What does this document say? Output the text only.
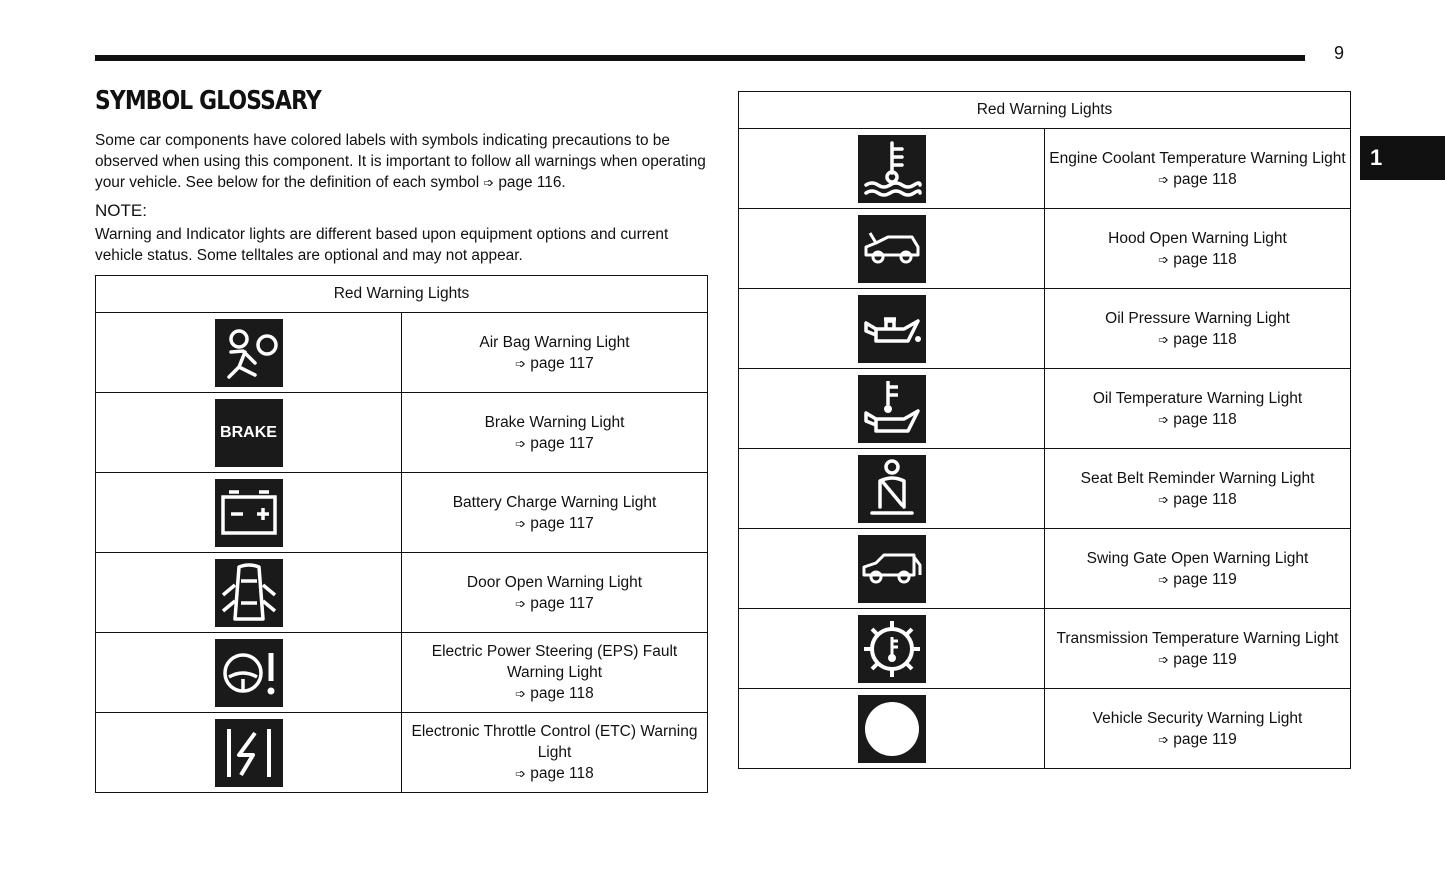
9
1
SYMBOL GLOSSARY

Some car components have colored labels with symbols indicating precautions to be observed when using this component. It is important to follow all warnings when operating your vehicle. See below for the definition of each symbol ➩ page 116.

NOTE:

Warning and Indicator lights are different based upon equipment options and current vehicle status. Some telltales are optional and may not appear.

Red Warning Lights	

Air Bag Warning Light
➩ page 117

BRAKE	Brake Warning Light
➩ page 117

Battery Charge Warning Light
➩ page 117

Door Open Warning Light
➩ page 117

Electric Power Steering (EPS) Fault Warning Light
➩ page 118

Electronic Throttle Control (ETC) Warning Light
➩ page 118
Red Warning Lights	

Engine Coolant Temperature Warning Light
➩ page 118

Hood Open Warning Light
➩ page 118

Oil Pressure Warning Light
➩ page 118

Oil Temperature Warning Light
➩ page 118

Seat Belt Reminder Warning Light
➩ page 118

Swing Gate Open Warning Light
➩ page 119

Transmission Temperature Warning Light
➩ page 119

Vehicle Security Warning Light
➩ page 119
